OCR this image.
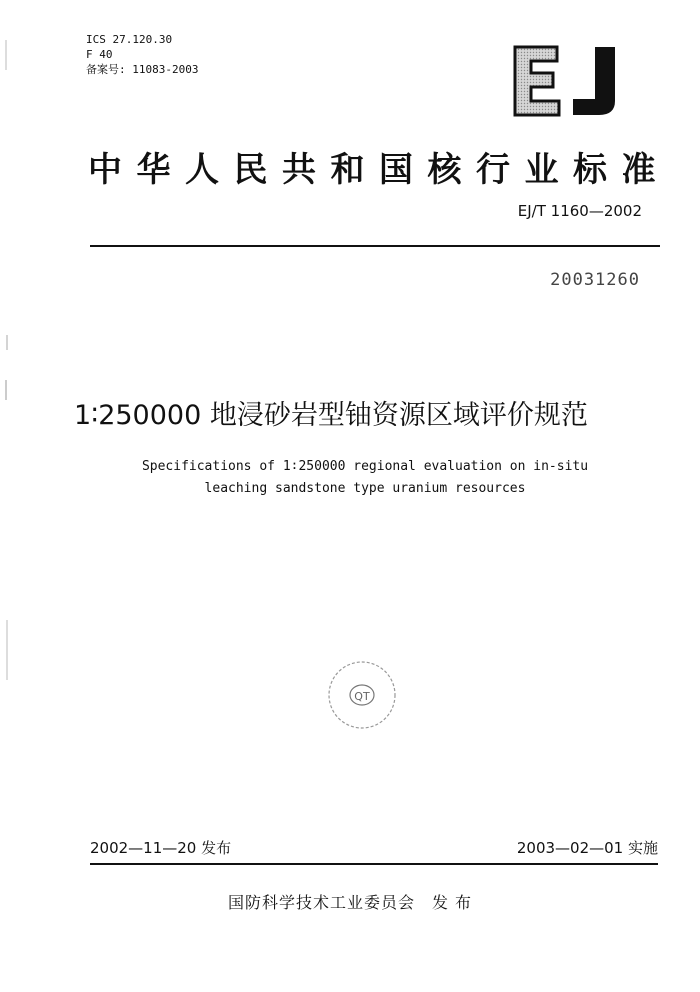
ICS 27.120.30
F 40
备案号: 11083-2003
中华人民共和国核行业标准
EJ/T 1160—2002
20031260
1∶250000 地浸砂岩型铀资源区域评价规范
Specifications of 1∶250000 regional evaluation on in-situ
leaching sandstone type uranium resources
QT
2002—11—20 发布	2003—02—01 实施
国防科学技术工业委员会　发 布
